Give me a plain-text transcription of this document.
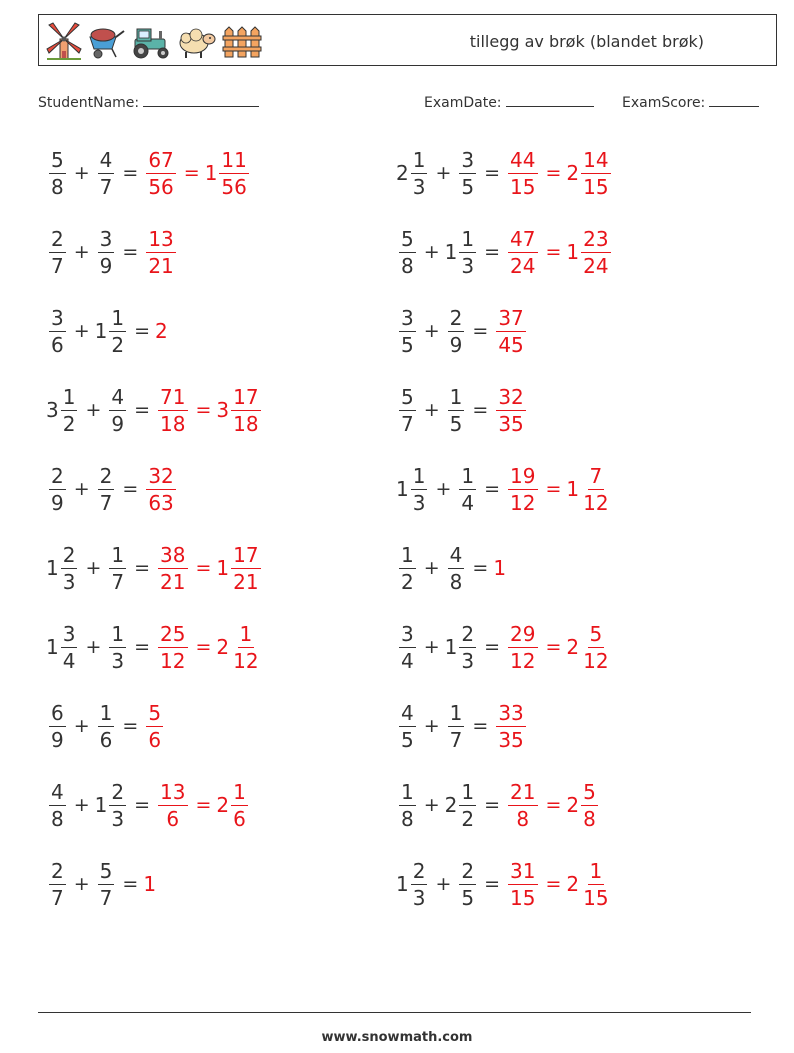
tillegg av brøk (blandet brøk)
StudentName:	ExamDate:	ExamScore:
$\frac{5}{8} + \frac{4}{7} = \frac{67}{56} = 1 \frac{11}{56}$
$\frac{2}{7} + \frac{3}{9} = \frac{13}{21}$
$\frac{3}{6} + 1 \frac{1}{2} = 2$
$3 \frac{1}{2} + \frac{4}{9} = \frac{71}{18} = 3 \frac{17}{18}$
$\frac{2}{9} + \frac{2}{7} = \frac{32}{63}$
$1 \frac{2}{3} + \frac{1}{7} = \frac{38}{21} = 1 \frac{17}{21}$
$1 \frac{3}{4} + \frac{1}{3} = \frac{25}{12} = 2 \frac{1}{12}$
$\frac{6}{9} + \frac{1}{6} = \frac{5}{6}$
$\frac{4}{8} + 1 \frac{2}{3} = \frac{13}{6} = 2 \frac{1}{6}$
$\frac{2}{7} + \frac{5}{7} = 1$
$2 \frac{1}{3} + \frac{3}{5} = \frac{44}{15} = 2 \frac{14}{15}$
$\frac{5}{8} + 1 \frac{1}{3} = \frac{47}{24} = 1 \frac{23}{24}$
$\frac{3}{5} + \frac{2}{9} = \frac{37}{45}$
$\frac{5}{7} + \frac{1}{5} = \frac{32}{35}$
$1 \frac{1}{3} + \frac{1}{4} = \frac{19}{12} = 1 \frac{7}{12}$
$\frac{1}{2} + \frac{4}{8} = 1$
$\frac{3}{4} + 1 \frac{2}{3} = \frac{29}{12} = 2 \frac{5}{12}$
$\frac{4}{5} + \frac{1}{7} = \frac{33}{35}$
$\frac{1}{8} + 2 \frac{1}{2} = \frac{21}{8} = 2 \frac{5}{8}$
$1 \frac{2}{3} + \frac{2}{5} = \frac{31}{15} = 2 \frac{1}{15}$
www.snowmath.com
